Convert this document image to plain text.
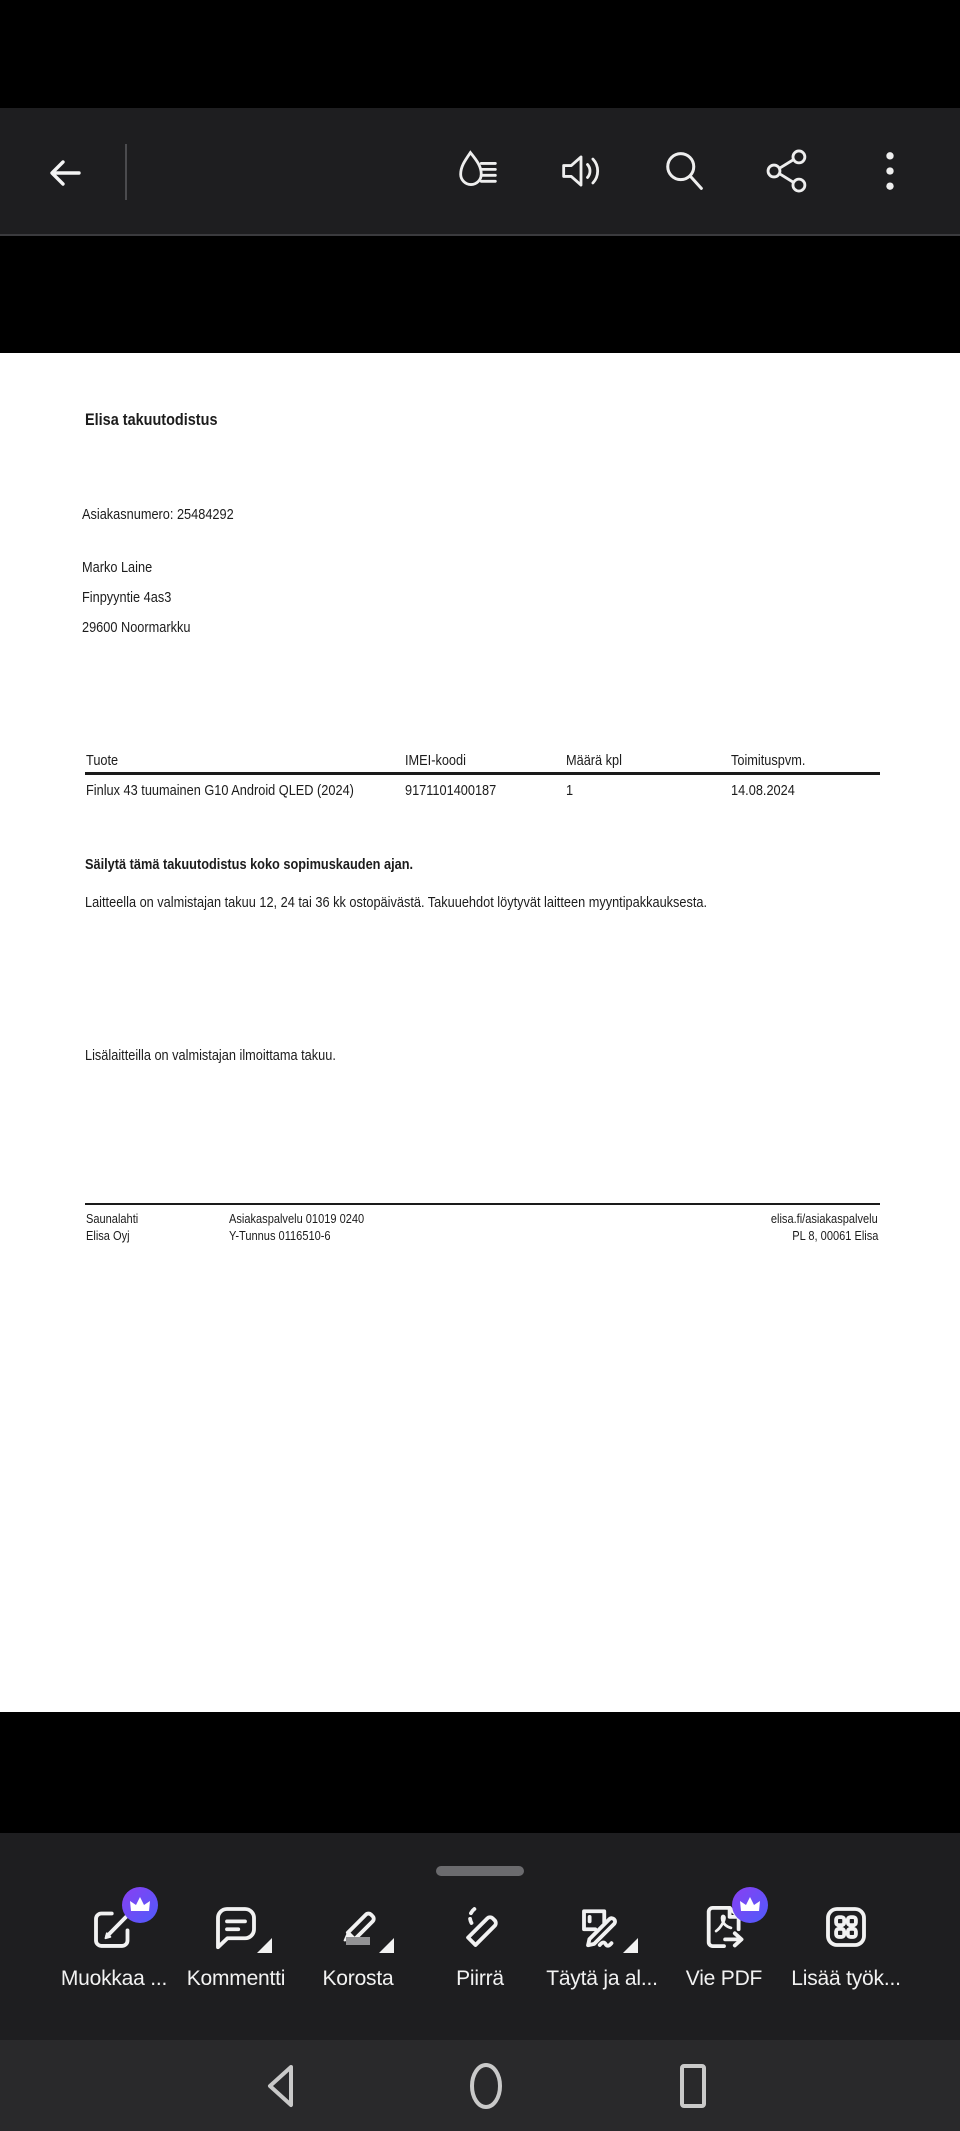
Elisa takuutodistus
Asiakasnumero: 25484292
Marko Laine
Finpyyntie 4as3
29600 Noormarkku
Tuote	IMEI-koodi	Määrä kpl	Toimituspvm.
Finlux 43 tuumainen G10 Android QLED (2024)	9171101400187	1	14.08.2024
Säilytä tämä takuutodistus koko sopimuskauden ajan.
Laitteella on valmistajan takuu 12, 24 tai 36 kk ostopäivästä. Takuuehdot löytyvät laitteen myyntipakkauksesta.
Lisälaitteilla on valmistajan ilmoittama takuu.
Saunalahti
Elisa Oyj
Asiakaspalvelu 01019 0240
Y-Tunnus 0116510-6
elisa.fi/asiakaspalvelu
PL 8, 00061 Elisa
Muokkaa ... Kommentti Korosta	Piirrä Täytä ja al... Vie PDF Lisää työk...
